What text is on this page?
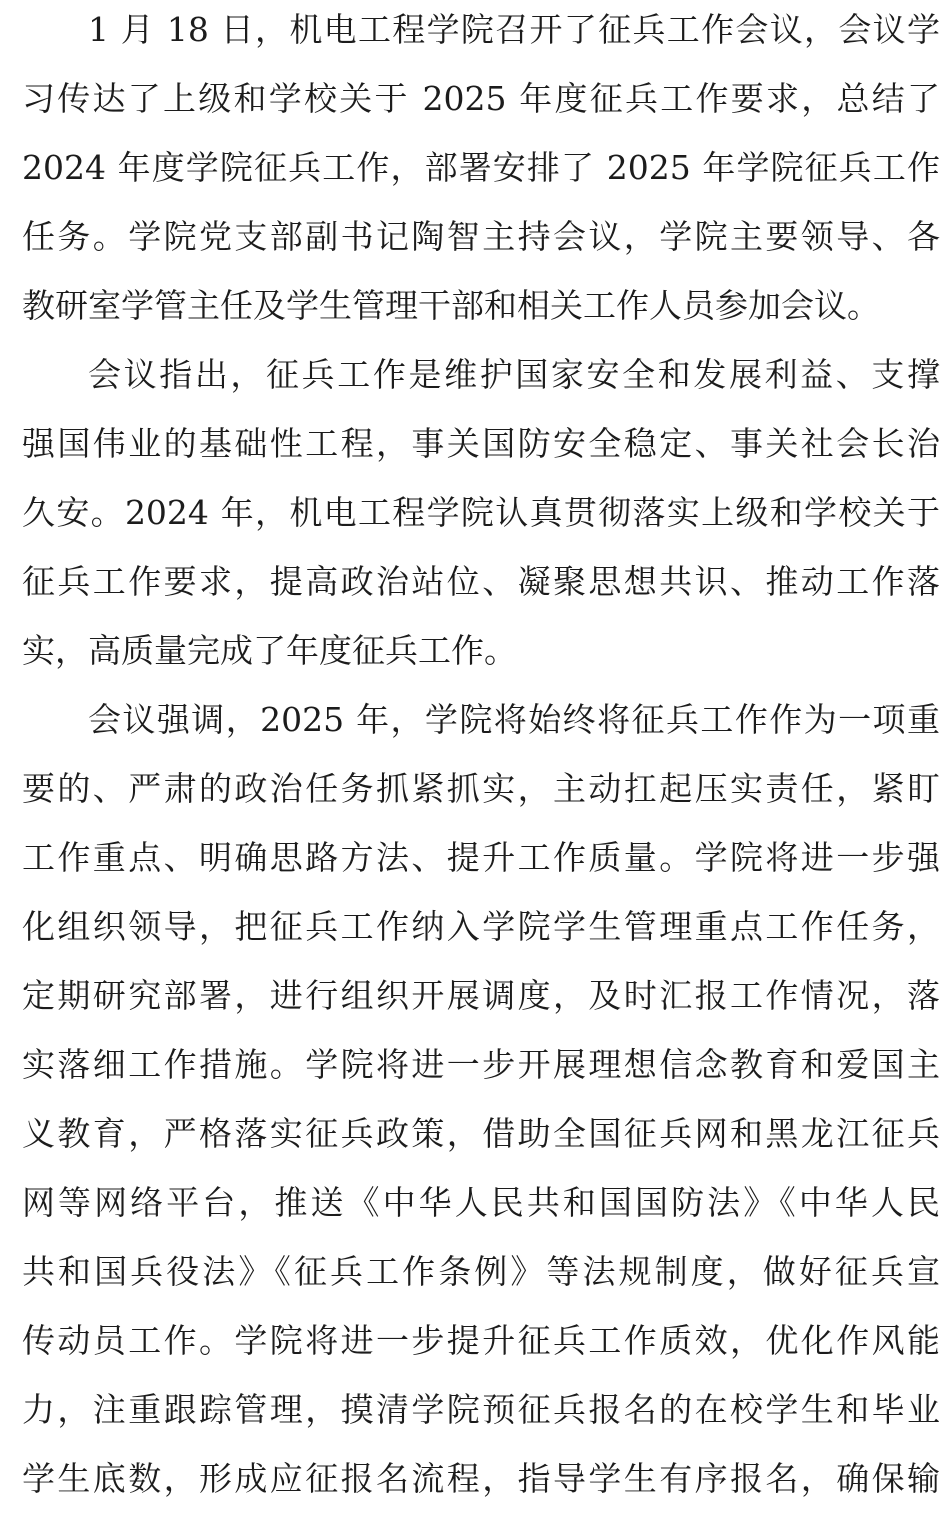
1 月 18 日，机电工程学院召开了征兵工作会议，会议学
习传达了上级和学校关于 2025 年度征兵工作要求，总结了
2024 年度学院征兵工作，部署安排了 2025 年学院征兵工作
任务。学院党支部副书记陶智主持会议，学院主要领导、各
教研室学管主任及学生管理干部和相关工作人员参加会议。
会议指出，征兵工作是维护国家安全和发展利益、支撑
强国伟业的基础性工程，事关国防安全稳定、事关社会长治
久安。2024 年，机电工程学院认真贯彻落实上级和学校关于
征兵工作要求，提高政治站位、凝聚思想共识、推动工作落
实，高质量完成了年度征兵工作。
会议强调，2025 年，学院将始终将征兵工作作为一项重
要的、严肃的政治任务抓紧抓实，主动扛起压实责任，紧盯
工作重点、明确思路方法、提升工作质量。学院将进一步强
化组织领导，把征兵工作纳入学院学生管理重点工作任务，
定期研究部署，进行组织开展调度，及时汇报工作情况，落
实落细工作措施。学院将进一步开展理想信念教育和爱国主
义教育，严格落实征兵政策，借助全国征兵网和黑龙江征兵
网等网络平台，推送《中华人民共和国国防法》《中华人民
共和国兵役法》《征兵工作条例》等法规制度，做好征兵宣
传动员工作。学院将进一步提升征兵工作质效，优化作风能
力，注重跟踪管理，摸清学院预征兵报名的在校学生和毕业
学生底数，形成应征报名流程，指导学生有序报名，确保输
